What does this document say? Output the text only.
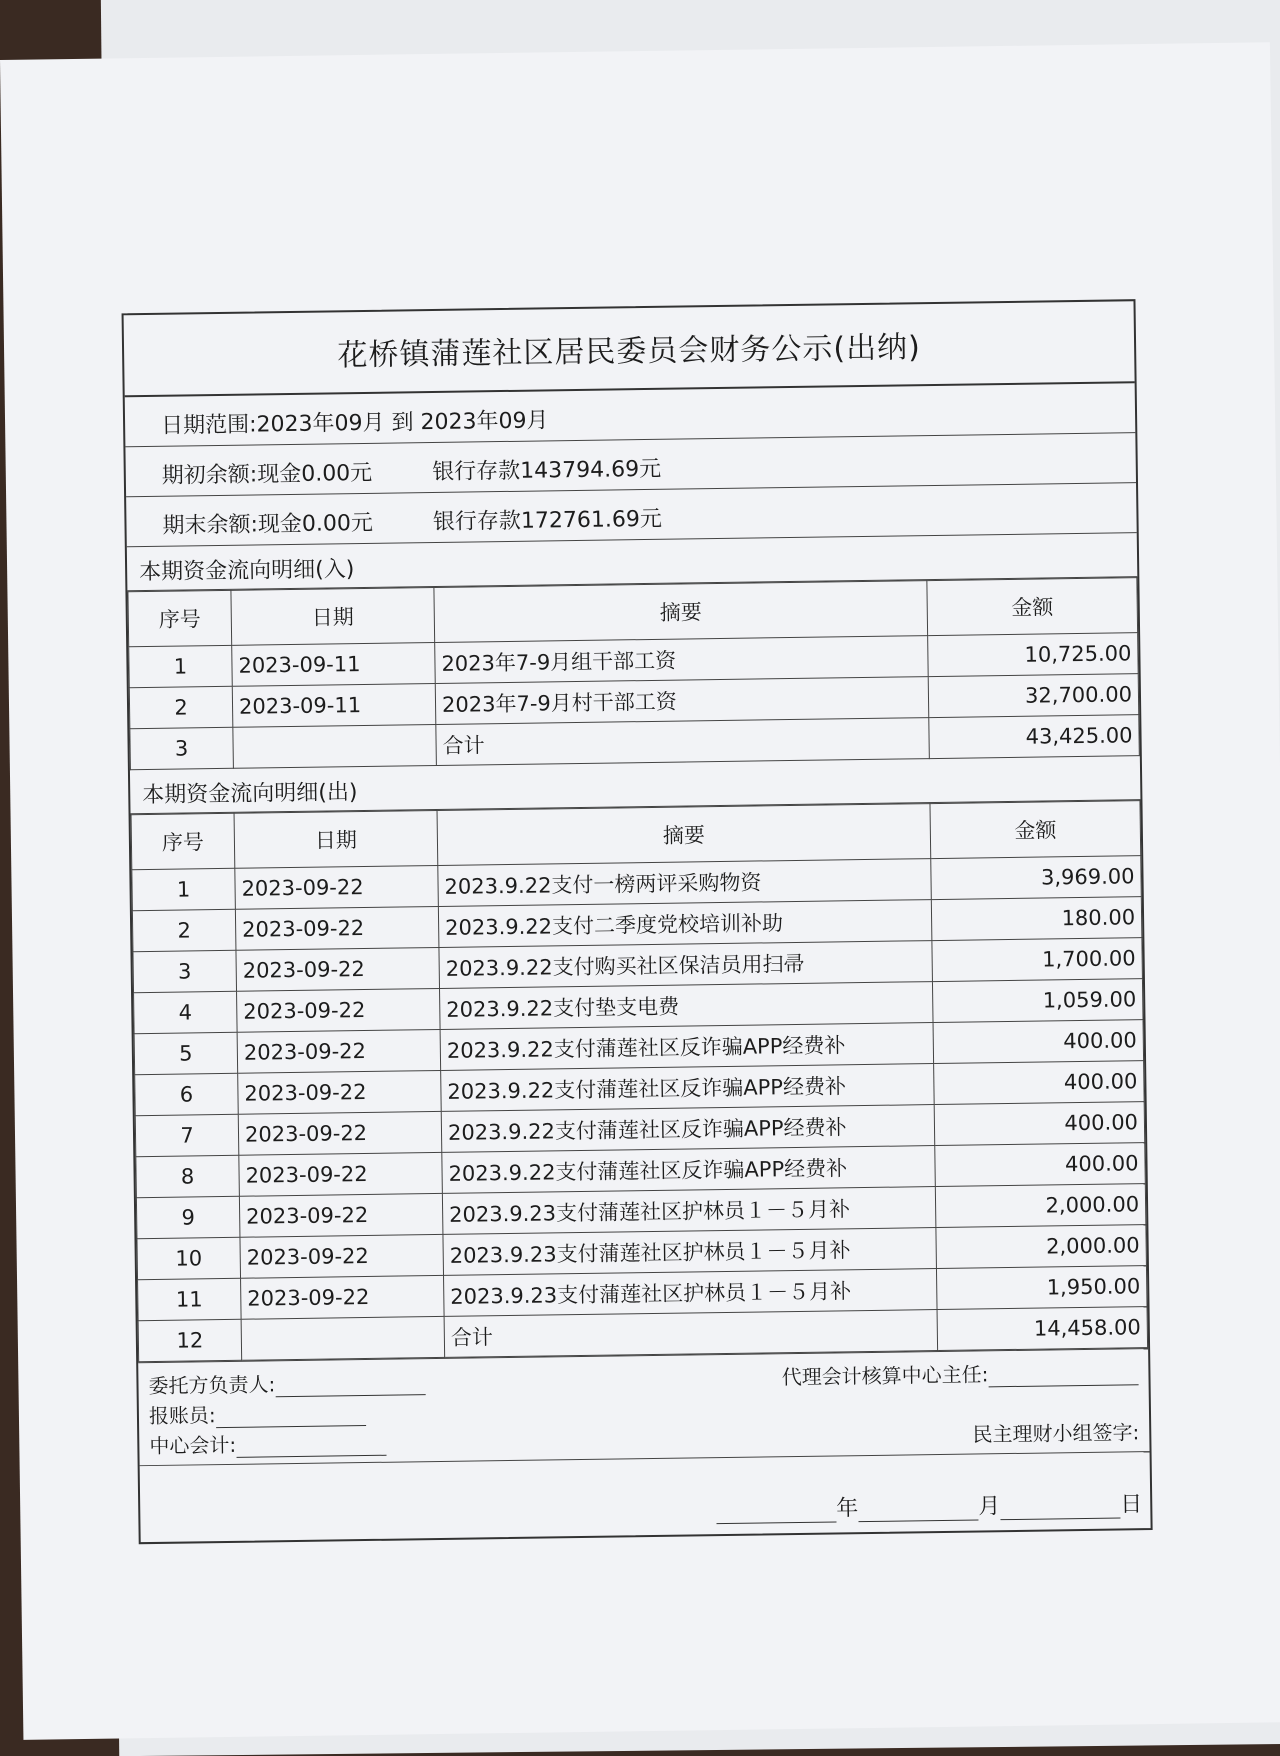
花桥镇蒲莲社区居民委员会财务公示(出纳)
日期范围: 2023年09月 到 2023年09月
期初余额: 现金0.00元	银行存款143794.69元
期末余额: 现金0.00元	银行存款172761.69元
本期资金流向明细(入)
序号	日期	摘要	金额
1	2023-09-11	2023年7-9月组干部工资	10,725.00
2	2023-09-11	2023年7-9月村干部工资	32,700.00
3		合计	43,425.00
本期资金流向明细(出)
序号	日期	摘要	金额
1	2023-09-22	2023.9.22支付一榜两评采购物资	3,969.00
2	2023-09-22	2023.9.22支付二季度党校培训补助	180.00
3	2023-09-22	2023.9.22支付购买社区保洁员用扫帚	1,700.00
4	2023-09-22	2023.9.22支付垫支电费	1,059.00
5	2023-09-22	2023.9.22支付蒲莲社区反诈骗APP经费补	400.00
6	2023-09-22	2023.9.22支付蒲莲社区反诈骗APP经费补	400.00
7	2023-09-22	2023.9.22支付蒲莲社区反诈骗APP经费补	400.00
8	2023-09-22	2023.9.22支付蒲莲社区反诈骗APP经费补	400.00
9	2023-09-22	2023.9.23支付蒲莲社区护林员１－５月补	2,000.00
10	2023-09-22	2023.9.23支付蒲莲社区护林员１－５月补	2,000.00
11	2023-09-22	2023.9.23支付蒲莲社区护林员１－５月补	1,950.00
12		合计	14,458.00
委托方负责人:	代理会计核算中心主任:
报账员:
中心会计:	民主理财小组签字:
年	月	日
